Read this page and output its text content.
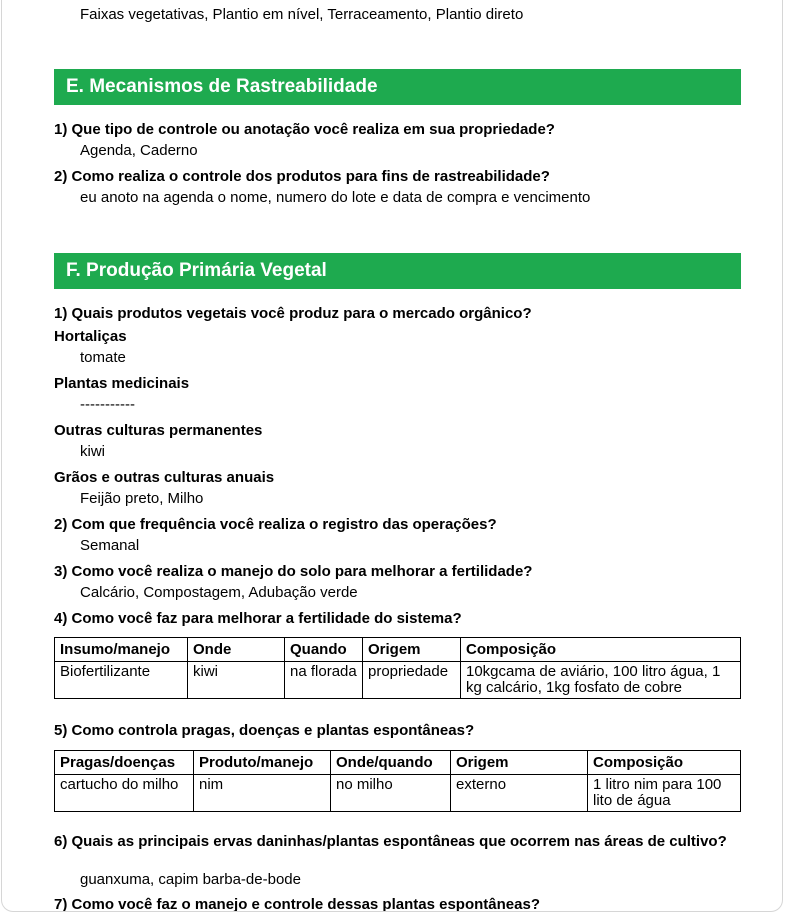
Faixas vegetativas, Plantio em nível, Terraceamento, Plantio direto
E. Mecanismos de Rastreabilidade
1) Que tipo de controle ou anotação você realiza em sua propriedade?
Agenda, Caderno
2) Como realiza o controle dos produtos para fins de rastreabilidade?
eu anoto na agenda o nome, numero do lote e data de compra e vencimento
F. Produção Primária Vegetal
1) Quais produtos vegetais você produz para o mercado orgânico?
Hortaliças
tomate
Plantas medicinais
-----------
Outras culturas permanentes
kiwi
Grãos e outras culturas anuais
Feijão preto, Milho
2) Com que frequência você realiza o registro das operações?
Semanal
3) Como você realiza o manejo do solo para melhorar a fertilidade?
Calcário, Compostagem, Adubação verde
4) Como você faz para melhorar a fertilidade do sistema?
Insumo/manejo	Onde	Quando	Origem	Composição
Biofertilizante	kiwi	na florada	propriedade	10kgcama de aviário, 100 litro água, 1 kg calcário, 1kg fosfato de cobre
5) Como controla pragas, doenças e plantas espontâneas?
Pragas/doenças	Produto/manejo	Onde/quando	Origem	Composição
cartucho do milho	nim	no milho	externo	1 litro nim para 100 lito de água
6) Quais as principais ervas daninhas/plantas espontâneas que ocorrem nas áreas de cultivo?
guanxuma, capim barba-de-bode
7) Como você faz o manejo e controle dessas plantas espontâneas?
